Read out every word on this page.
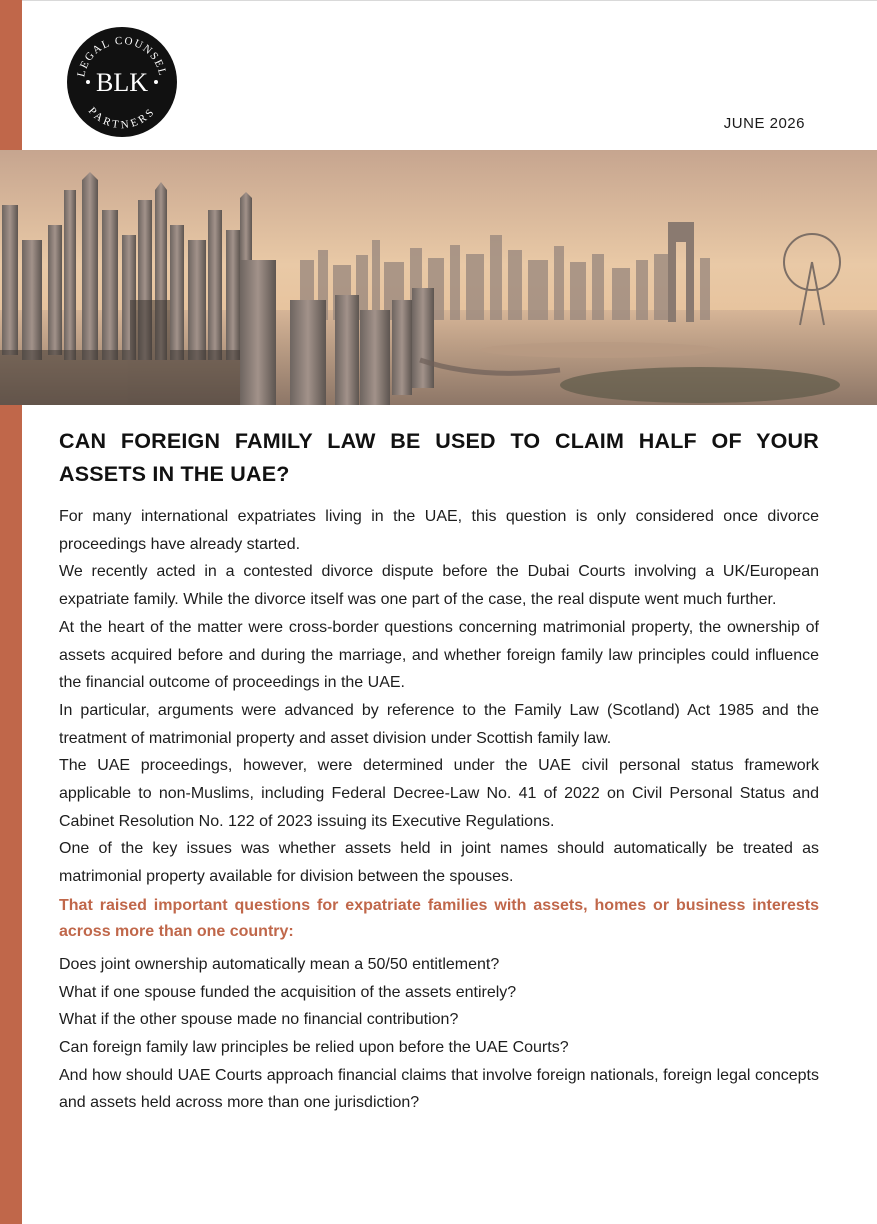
LEGAL COUNSEL
PARTNERS
BLK
JUNE 2026
CAN FOREIGN FAMILY LAW BE USED TO CLAIM HALF OF YOUR ASSETS IN THE UAE?

For many international expatriates living in the UAE, this question is only considered once divorce proceedings have already started.

We recently acted in a contested divorce dispute before the Dubai Courts involving a UK/European expatriate family. While the divorce itself was one part of the case, the real dispute went much further.

At the heart of the matter were cross-border questions concerning matrimonial property, the ownership of assets acquired before and during the marriage, and whether foreign family law principles could influence the financial outcome of proceedings in the UAE.

In particular, arguments were advanced by reference to the Family Law (Scotland) Act 1985 and the treatment of matrimonial property and asset division under Scottish family law.

The UAE proceedings, however, were determined under the UAE civil personal status framework applicable to non-Muslims, including Federal Decree-Law No. 41 of 2022 on Civil Personal Status and Cabinet Resolution No. 122 of 2023 issuing its Executive Regulations.

One of the key issues was whether assets held in joint names should automatically be treated as matrimonial property available for division between the spouses.

That raised important questions for expatriate families with assets, homes or business interests across more than one country:

Does joint ownership automatically mean a 50/50 entitlement?

What if one spouse funded the acquisition of the assets entirely?

What if the other spouse made no financial contribution?

Can foreign family law principles be relied upon before the UAE Courts?

And how should UAE Courts approach financial claims that involve foreign nationals, foreign legal concepts and assets held across more than one jurisdiction?
